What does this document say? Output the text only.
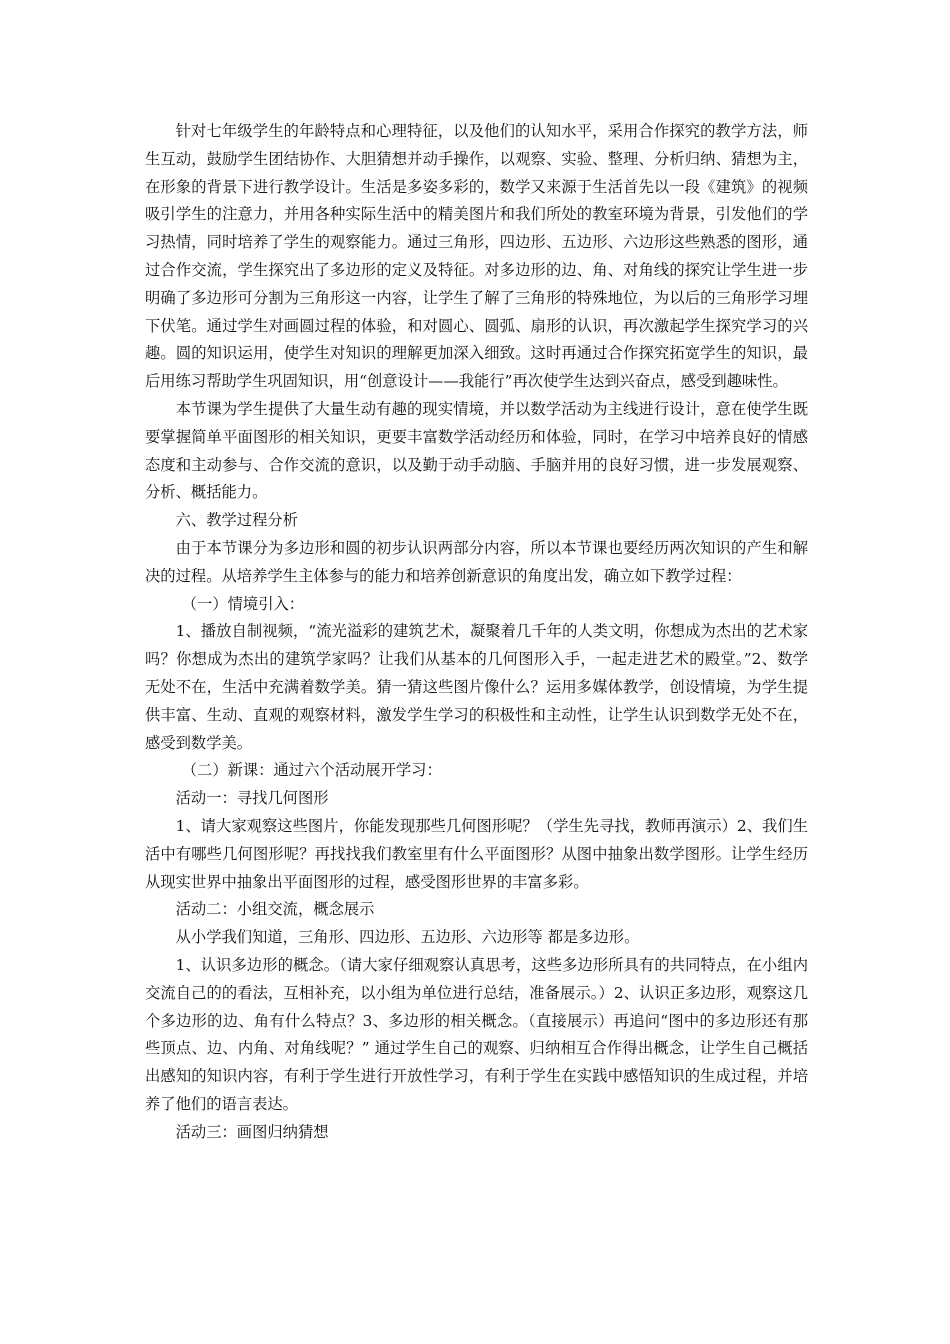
针对七年级学生的年龄特点和心理特征，以及他们的认知水平，采用合作探究的教学方法，师生互动，鼓励学生团结协作、大胆猜想并动手操作，以观察、实验、整理、分析归纳、猜想为主，在形象的背景下进行教学设计。生活是多姿多彩的，数学又来源于生活首先以一段《建筑》的视频吸引学生的注意力，并用各种实际生活中的精美图片和我们所处的教室环境为背景，引发他们的学习热情，同时培养了学生的观察能力。通过三角形，四边形、五边形、六边形这些熟悉的图形，通过合作交流，学生探究出了多边形的定义及特征。对多边形的边、角、对角线的探究让学生进一步明确了多边形可分割为三角形这一内容，让学生了解了三角形的特殊地位，为以后的三角形学习埋下伏笔。通过学生对画圆过程的体验，和对圆心、圆弧、扇形的认识，再次激起学生探究学习的兴趣。圆的知识运用，使学生对知识的理解更加深入细致。这时再通过合作探究拓宽学生的知识，最后用练习帮助学生巩固知识，用“创意设计——我能行”再次使学生达到兴奋点，感受到趣味性。

本节课为学生提供了大量生动有趣的现实情境，并以数学活动为主线进行设计，意在使学生既要掌握简单平面图形的相关知识，更要丰富数学活动经历和体验，同时，在学习中培养良好的情感态度和主动参与、合作交流的意识，以及勤于动手动脑、手脑并用的良好习惯，进一步发展观察、分析、概括能力。

六、教学过程分析

由于本节课分为多边形和圆的初步认识两部分内容，所以本节课也要经历两次知识的产生和解决的过程。从培养学生主体参与的能力和培养创新意识的角度出发，确立如下教学过程：

（一）情境引入：

1、播放自制视频，“流光溢彩的建筑艺术，凝聚着几千年的人类文明，你想成为杰出的艺术家吗？你想成为杰出的建筑学家吗？让我们从基本的几何图形入手，一起走进艺术的殿堂。”2、数学无处不在，生活中充满着数学美。猜一猜这些图片像什么？运用多媒体教学，创设情境，为学生提供丰富、生动、直观的观察材料，激发学生学习的积极性和主动性，让学生认识到数学无处不在，感受到数学美。

（二）新课：通过六个活动展开学习：

活动一：寻找几何图形

1、请大家观察这些图片，你能发现那些几何图形呢？（学生先寻找，教师再演示）2、我们生活中有哪些几何图形呢？再找找我们教室里有什么平面图形？从图中抽象出数学图形。让学生经历从现实世界中抽象出平面图形的过程，感受图形世界的丰富多彩。

活动二：小组交流，概念展示

从小学我们知道，三角形、四边形、五边形、六边形等 都是多边形。

1、认识多边形的概念。（请大家仔细观察认真思考，这些多边形所具有的共同特点，在小组内交流自己的的看法，互相补充，以小组为单位进行总结，准备展示。）2、认识正多边形，观察这几个多边形的边、角有什么特点？3、多边形的相关概念。（直接展示）再追问“图中的多边形还有那些顶点、边、内角、对角线呢？” 通过学生自己的观察、归纳相互合作得出概念，让学生自己概括出感知的知识内容，有利于学生进行开放性学习，有利于学生在实践中感悟知识的生成过程，并培养了他们的语言表达。

活动三：画图归纳猜想
